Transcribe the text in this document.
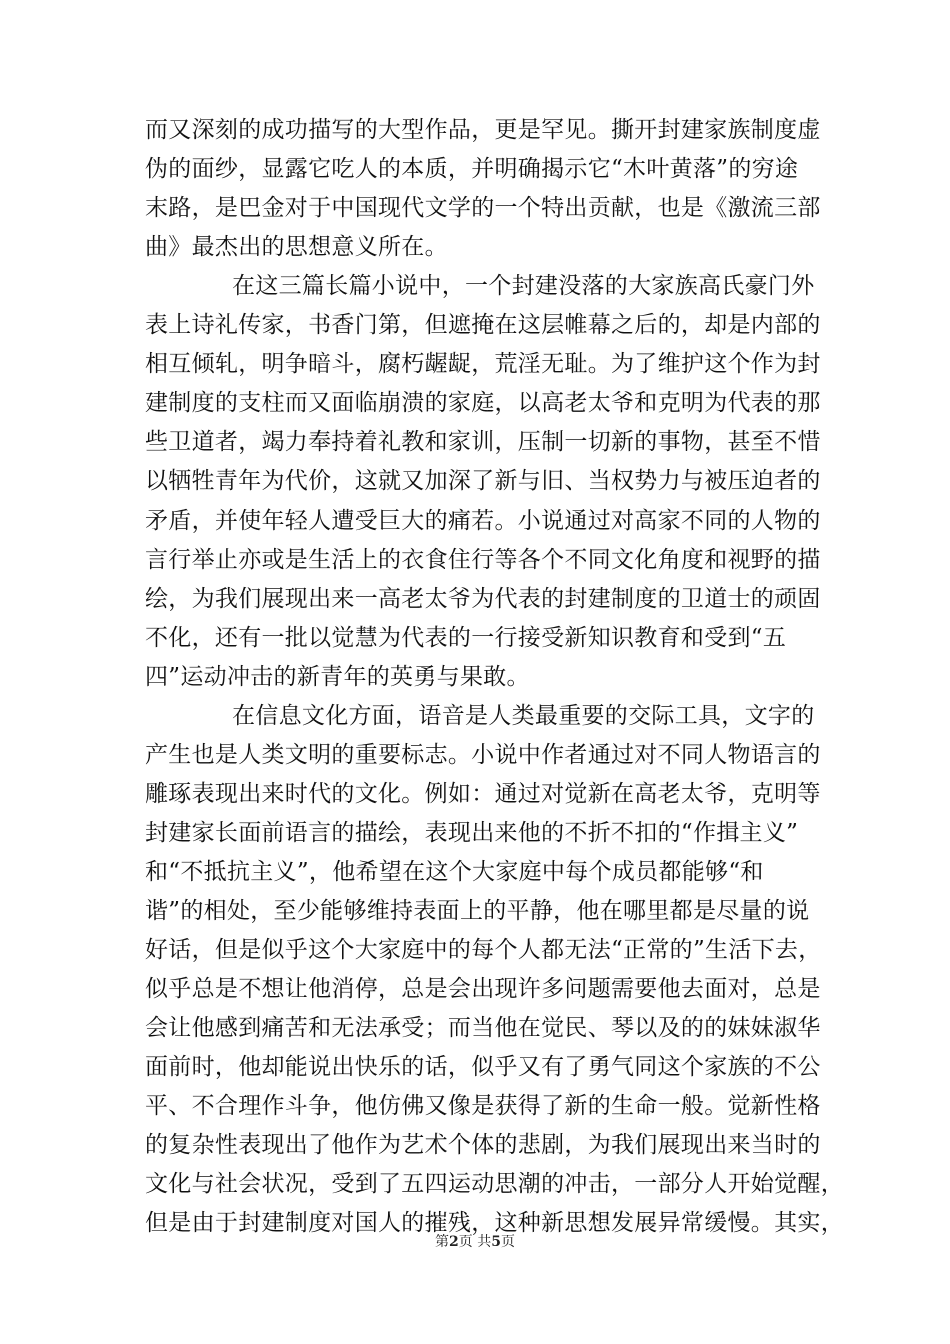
而又深刻的成功描写的大型作品，更是罕见。撕开封建家族制度虚
伪的面纱，显露它吃人的本质，并明确揭示它“木叶黄落”的穷途
末路，是巴金对于中国现代文学的一个特出贡献，也是《激流三部
曲》最杰出的思想意义所在。
在这三篇长篇小说中，一个封建没落的大家族高氏豪门外
表上诗礼传家，书香门第，但遮掩在这层帷幕之后的，却是内部的
相互倾轧，明争暗斗，腐朽龌龊，荒淫无耻。为了维护这个作为封
建制度的支柱而又面临崩溃的家庭，以高老太爷和克明为代表的那
些卫道者，竭力奉持着礼教和家训，压制一切新的事物，甚至不惜
以牺牲青年为代价，这就又加深了新与旧、当权势力与被压迫者的
矛盾，并使年轻人遭受巨大的痛若。小说通过对高家不同的人物的
言行举止亦或是生活上的衣食住行等各个不同文化角度和视野的描
绘，为我们展现出来一高老太爷为代表的封建制度的卫道士的顽固
不化，还有一批以觉慧为代表的一行接受新知识教育和受到“五
四”运动冲击的新青年的英勇与果敢。
在信息文化方面，语音是人类最重要的交际工具，文字的
产生也是人类文明的重要标志。小说中作者通过对不同人物语言的
雕琢表现出来时代的文化。例如：通过对觉新在高老太爷，克明等
封建家长面前语言的描绘，表现出来他的不折不扣的“作揖主义”
和“不抵抗主义”，他希望在这个大家庭中每个成员都能够“和
谐”的相处，至少能够维持表面上的平静，他在哪里都是尽量的说
好话，但是似乎这个大家庭中的每个人都无法“正常的”生活下去，
似乎总是不想让他消停，总是会出现许多问题需要他去面对，总是
会让他感到痛苦和无法承受；而当他在觉民、琴以及的的妹妹淑华
面前时，他却能说出快乐的话，似乎又有了勇气同这个家族的不公
平、不合理作斗争，他仿佛又像是获得了新的生命一般。觉新性格
的复杂性表现出了他作为艺术个体的悲剧，为我们展现出来当时的
文化与社会状况，受到了五四运动思潮的冲击，一部分人开始觉醒，
但是由于封建制度对国人的摧残，这种新思想发展异常缓慢。其实，
第2页 共5页
